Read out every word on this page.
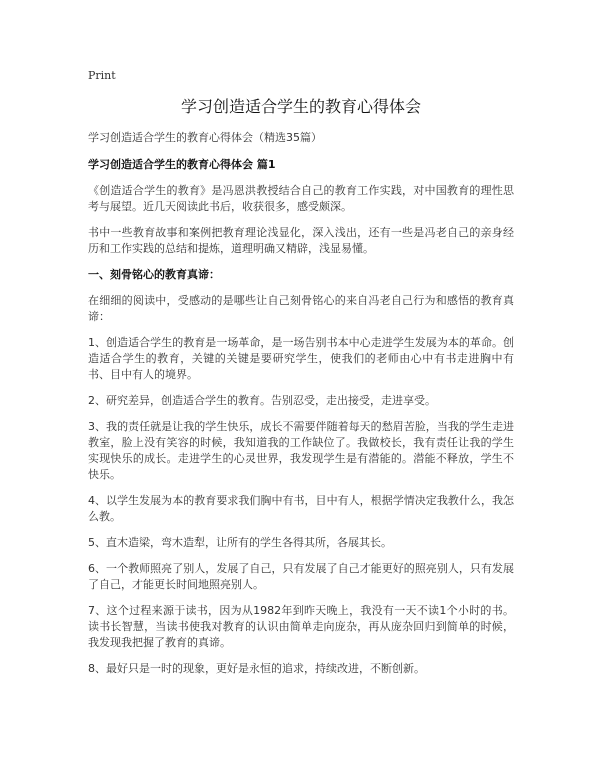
Print
学习创造适合学生的教育心得体会
学习创造适合学生的教育心得体会（精选35篇）
学习创造适合学生的教育心得体会 篇1
《创造适合学生的教育》是冯恩洪教授结合自己的教育工作实践，对中国教育的理性思考与展望。近几天阅读此书后，收获很多，感受颇深。
书中一些教育故事和案例把教育理论浅显化，深入浅出，还有一些是冯老自己的亲身经历和工作实践的总结和提炼，道理明确又精辟，浅显易懂。
一、刻骨铭心的教育真谛：
在细细的阅读中，受感动的是哪些让自己刻骨铭心的来自冯老自己行为和感悟的教育真谛：
1、创造适合学生的教育是一场革命，是一场告别书本中心走进学生发展为本的革命。创造适合学生的教育，关键的关键是要研究学生，使我们的老师由心中有书走进胸中有书、目中有人的境界。
2、研究差异，创造适合学生的教育。告别忍受，走出接受，走进享受。
3、我的责任就是让我的学生快乐，成长不需要伴随着每天的愁眉苦脸，当我的学生走进教室，脸上没有笑容的时候，我知道我的工作缺位了。我做校长，我有责任让我的学生实现快乐的成长。走进学生的心灵世界，我发现学生是有潜能的。潜能不释放，学生不快乐。
4、以学生发展为本的教育要求我们胸中有书，目中有人，根据学情决定我教什么，我怎么教。
5、直木造梁，弯木造犁，让所有的学生各得其所，各展其长。
6、一个教师照亮了别人，发展了自己，只有发展了自己才能更好的照亮别人，只有发展了自己，才能更长时间地照亮别人。
7、这个过程来源于读书，因为从1982年到昨天晚上，我没有一天不读1个小时的书。读书长智慧，当读书使我对教育的认识由简单走向庞杂，再从庞杂回归到简单的时候，我发现我把握了教育的真谛。
8、最好只是一时的现象，更好是永恒的追求，持续改进，不断创新。
